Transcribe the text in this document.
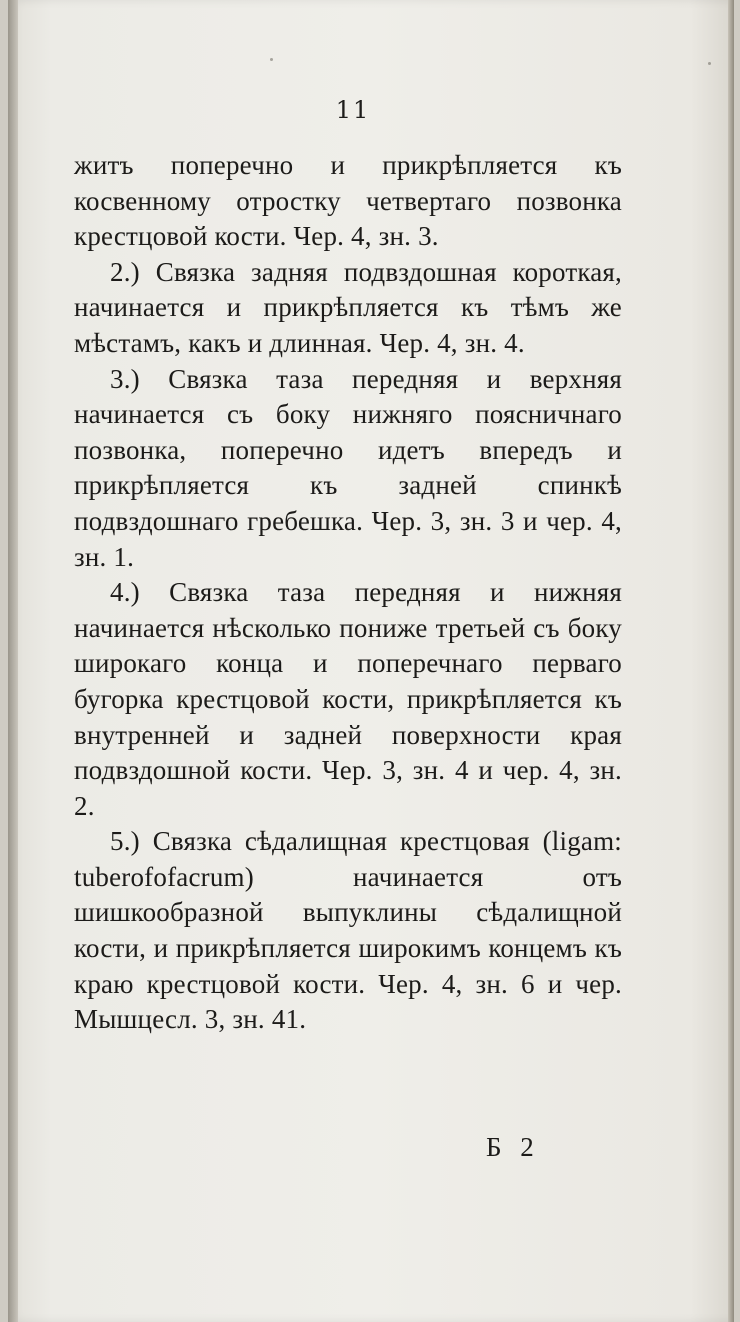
11

житъ поперечно и прикрѣпляется къ косвенному отростку четвертаго позвонка крестцовой кости. Чер. 4, зн. 3.

2.) Связка задняя подвздошная короткая, начинается и прикрѣпляется къ тѣмъ же мѣстамъ, какъ и длинная. Чер. 4, зн. 4.

3.) Связка таза передняя и верхняя начинается съ боку нижняго поясничнаго позвонка, поперечно идетъ впередъ и прикрѣпляется къ задней спинкѣ подвздошнаго гребешка. Чер. 3, зн. 3 и чер. 4, зн. 1.

4.) Связка таза передняя и нижняя начинается нѣсколько пониже третьей съ боку широкаго конца и поперечнаго перваго бугорка крестцовой кости, прикрѣпляется къ внутренней и задней поверхности края подвздошной кости. Чер. 3, зн. 4 и чер. 4, зн. 2.

5.) Связка сѣдалищная крестцовая (ligam: tuberofofacrum) начинается отъ шишкообразной выпуклины сѣдалищной кости, и прикрѣпляется широкимъ концемъ къ краю крестцовой кости. Чер. 4, зн. 6 и чер. Мышцесл. 3, зн. 41.

Б 2
